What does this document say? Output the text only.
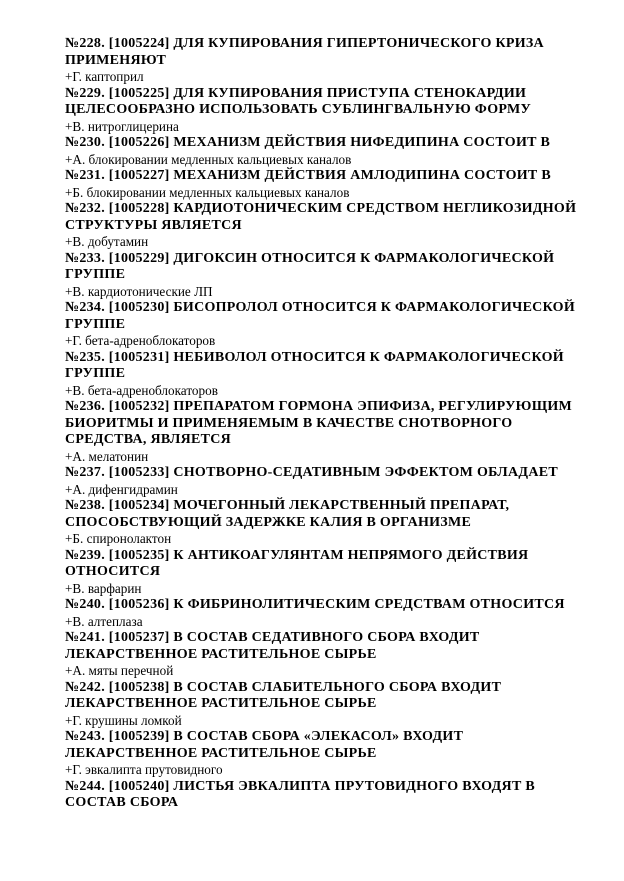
№228. [1005224] ДЛЯ КУПИРОВАНИЯ ГИПЕРТОНИЧЕСКОГО КРИЗА ПРИМЕНЯЮТ

+Г. каптоприл

№229. [1005225] ДЛЯ КУПИРОВАНИЯ ПРИСТУПА СТЕНОКАРДИИ ЦЕЛЕСООБРАЗНО ИСПОЛЬЗОВАТЬ СУБЛИНГВАЛЬНУЮ ФОРМУ

+В. нитроглицерина

№230. [1005226] МЕХАНИЗМ ДЕЙСТВИЯ НИФЕДИПИНА СОСТОИТ В

+А. блокировании медленных кальциевых каналов

№231. [1005227] МЕХАНИЗМ ДЕЙСТВИЯ АМЛОДИПИНА СОСТОИТ В

+Б. блокировании медленных кальциевых каналов

№232. [1005228] КАРДИОТОНИЧЕСКИМ СРЕДСТВОМ НЕГЛИКОЗИДНОЙ СТРУКТУРЫ ЯВЛЯЕТСЯ

+В. добутамин

№233. [1005229] ДИГОКСИН ОТНОСИТСЯ К ФАРМАКОЛОГИЧЕСКОЙ ГРУППЕ

+В. кардиотонические ЛП

№234. [1005230] БИСОПРОЛОЛ ОТНОСИТСЯ К ФАРМАКОЛОГИЧЕСКОЙ ГРУППЕ

+Г. бета-адреноблокаторов

№235. [1005231] НЕБИВОЛОЛ ОТНОСИТСЯ К ФАРМАКОЛОГИЧЕСКОЙ ГРУППЕ

+В. бета-адреноблокаторов

№236. [1005232] ПРЕПАРАТОМ ГОРМОНА ЭПИФИЗА, РЕГУЛИРУЮЩИМ БИОРИТМЫ И ПРИМЕНЯЕМЫМ В КАЧЕСТВЕ СНОТВОРНОГО СРЕДСТВА, ЯВЛЯЕТСЯ

+А. мелатонин

№237. [1005233] СНОТВОРНО-СЕДАТИВНЫМ ЭФФЕКТОМ ОБЛАДАЕТ

+А. дифенгидрамин

№238. [1005234] МОЧЕГОННЫЙ ЛЕКАРСТВЕННЫЙ ПРЕПАРАТ, СПОСОБСТВУЮЩИЙ ЗАДЕРЖКЕ КАЛИЯ В ОРГАНИЗМЕ

+Б. спиронолактон

№239. [1005235] К АНТИКОАГУЛЯНТАМ НЕПРЯМОГО ДЕЙСТВИЯ ОТНОСИТСЯ

+В. варфарин

№240. [1005236] К ФИБРИНОЛИТИЧЕСКИМ СРЕДСТВАМ ОТНОСИТСЯ

+В. алтеплаза

№241. [1005237] В СОСТАВ СЕДАТИВНОГО СБОРА ВХОДИТ ЛЕКАРСТВЕННОЕ РАСТИТЕЛЬНОЕ СЫРЬЕ

+А. мяты перечной

№242. [1005238] В СОСТАВ СЛАБИТЕЛЬНОГО СБОРА ВХОДИТ ЛЕКАРСТВЕННОЕ РАСТИТЕЛЬНОЕ СЫРЬЕ

+Г. крушины ломкой

№243. [1005239] В СОСТАВ СБОРА «ЭЛЕКАСОЛ» ВХОДИТ ЛЕКАРСТВЕННОЕ РАСТИТЕЛЬНОЕ СЫРЬЕ

+Г. эвкалипта прутовидного

№244. [1005240] ЛИСТЬЯ ЭВКАЛИПТА ПРУТОВИДНОГО ВХОДЯТ В СОСТАВ СБОРА
